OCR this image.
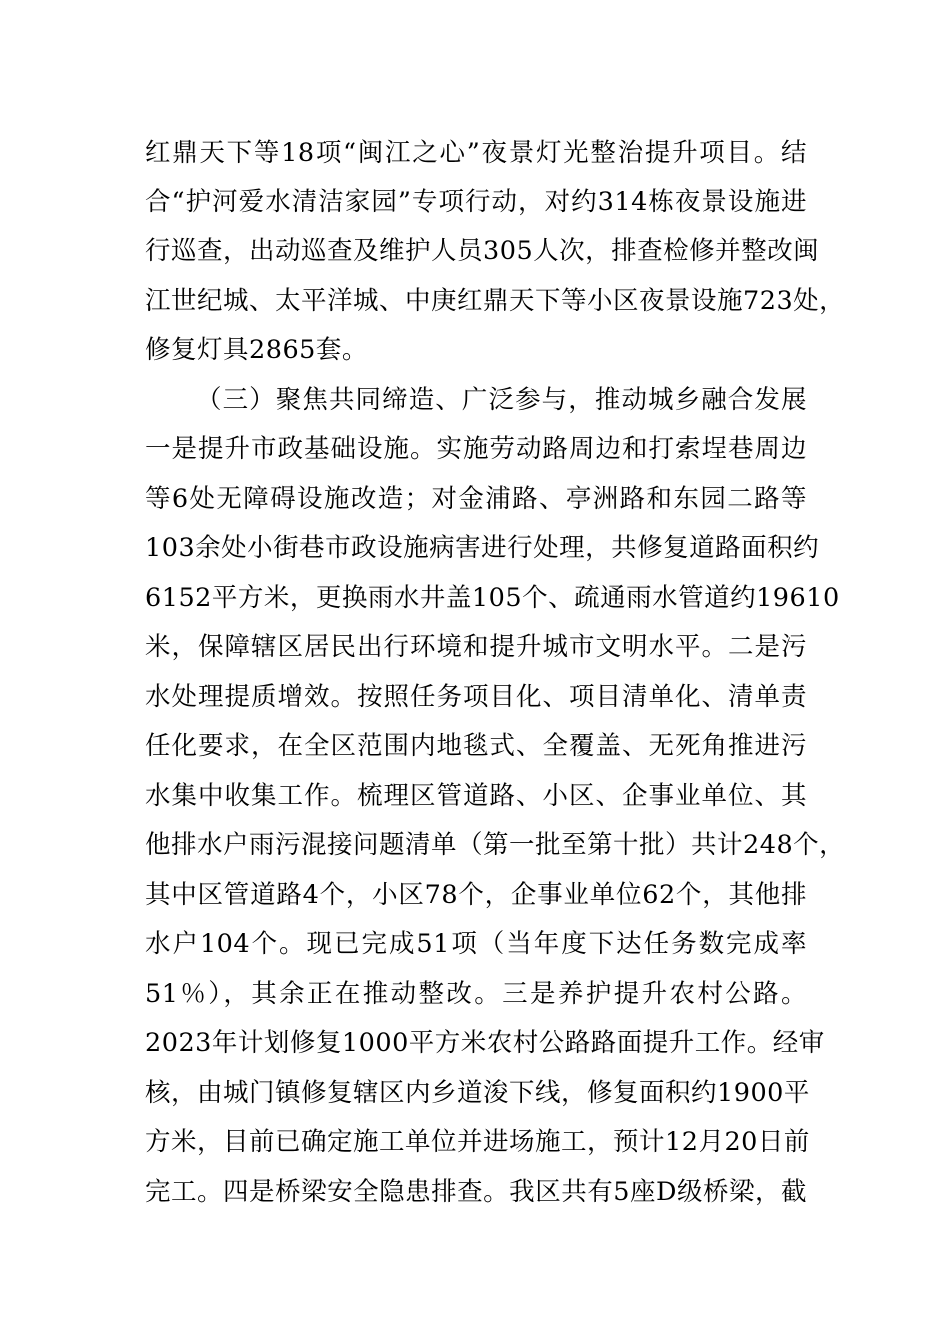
红鼎天下等18项“闽江之心”夜景灯光整治提升项目。结
合“护河爱水清洁家园”专项行动，对约314栋夜景设施进
行巡查，出动巡查及维护人员305人次，排查检修并整改闽
江世纪城、太平洋城、中庚红鼎天下等小区夜景设施723处，
修复灯具2865套。
（三）聚焦共同缔造、广泛参与，推动城乡融合发展
一是提升市政基础设施。实施劳动路周边和打索埕巷周边
等6处无障碍设施改造；对金浦路、亭洲路和东园二路等
103余处小街巷市政设施病害进行处理，共修复道路面积约
6152平方米，更换雨水井盖105个、疏通雨水管道约19610
米，保障辖区居民出行环境和提升城市文明水平。二是污
水处理提质增效。按照任务项目化、项目清单化、清单责
任化要求，在全区范围内地毯式、全覆盖、无死角推进污
水集中收集工作。梳理区管道路、小区、企事业单位、其
他排水户雨污混接问题清单（第一批至第十批）共计248个，
其中区管道路4个，小区78个，企事业单位62个，其他排
水户104个。现已完成51项（当年度下达任务数完成率
51％），其余正在推动整改。三是养护提升农村公路。
2023年计划修复1000平方米农村公路路面提升工作。经审
核，由城门镇修复辖区内乡道浚下线，修复面积约1900平
方米，目前已确定施工单位并进场施工，预计12月20日前
完工。四是桥梁安全隐患排查。我区共有5座D级桥梁，截
